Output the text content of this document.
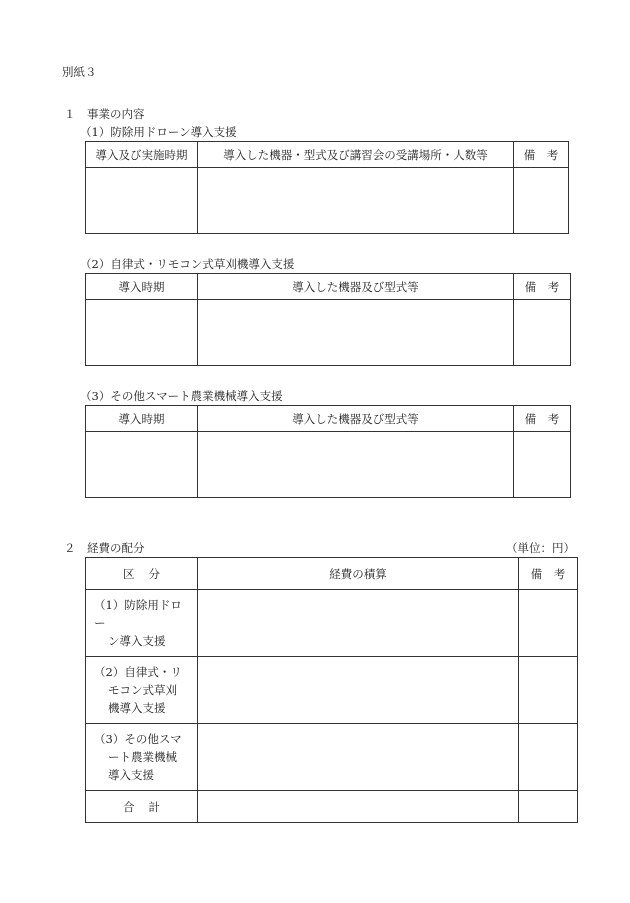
別紙３
１　事業の内容
（1）防除用ドローン導入支援
導入及び実施時期	導入した機器・型式及び講習会の受講場所・人数等	備　考

（2）自律式・リモコン式草刈機導入支援
導入時期	導入した機器及び型式等	備　考

（3）その他スマート農業機械導入支援
導入時期	導入した機器及び型式等	備　考

２　経費の配分	（単位：円）
区分	経費の積算	備　考

（1）防除用ドロー
ン導入支援		

（2）自律式・リ
モコン式草刈
機導入支援		

（3）その他スマ
ート農業機械
導入支援		

合計		
